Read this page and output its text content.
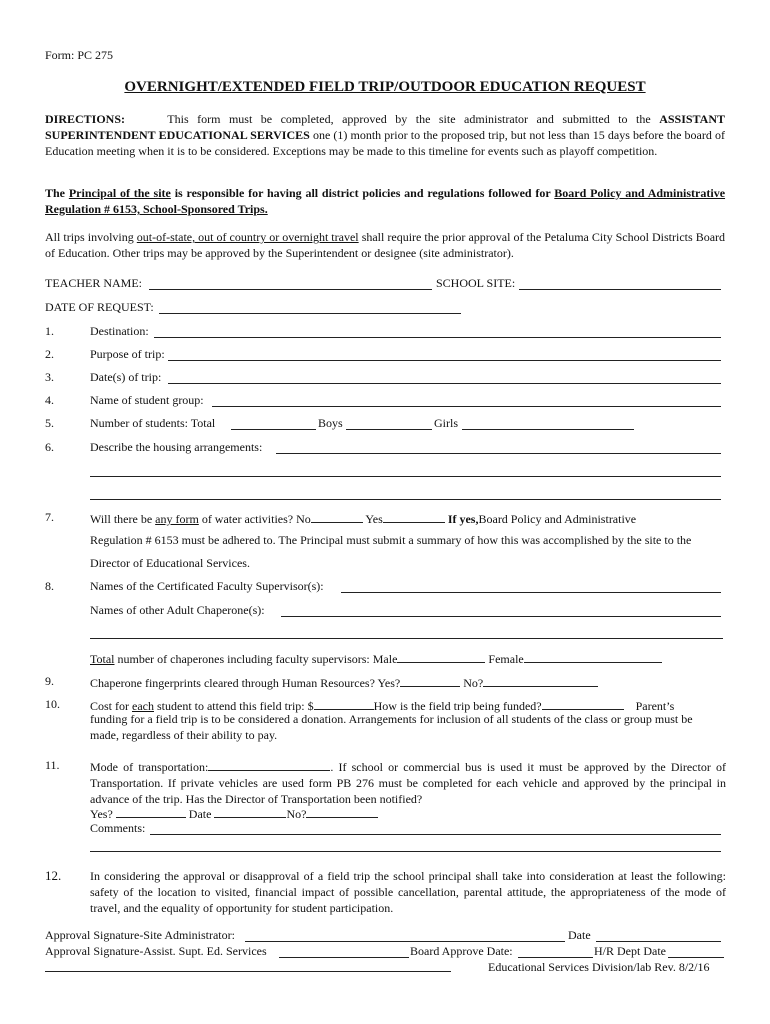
Form: PC 275
OVERNIGHT/EXTENDED FIELD TRIP/OUTDOOR EDUCATION REQUEST
DIRECTIONS:	This form must be completed, approved by the site administrator and submitted to the ASSISTANT SUPERINTENDENT EDUCATIONAL SERVICES one (1) month prior to the proposed trip, but not less than 15 days before the board of Education meeting when it is to be considered. Exceptions may be made to this timeline for events such as playoff competition.
The Principal of the site is responsible for having all district policies and regulations followed for Board Policy and Administrative Regulation # 6153, School-Sponsored Trips.
All trips involving out-of-state, out of country or overnight travel shall require the prior approval of the Petaluma City School Districts Board of Education. Other trips may be approved by the Superintendent or designee (site administrator).
TEACHER NAME:	SCHOOL SITE:
DATE OF REQUEST:
1.	Destination:
2.	Purpose of trip:
3.	Date(s) of trip:
4.	Name of student group:
5.	Number of students: Total	Boys	Girls
6.	Describe the housing arrangements:
7.	Will there be any form of water activities? No	Yes	If yes,Board Policy and Administrative
Regulation # 6153 must be adhered to. The Principal must submit a summary of how this was accomplished by the site to the
Director of Educational Services.
8.	Names of the Certificated Faculty Supervisor(s):
Names of other Adult Chaperone(s):
Total number of chaperones including faculty supervisors: Male	Female
9.	Chaperone fingerprints cleared through Human Resources? Yes?	No?
10.	Cost for each student to attend this field trip: $	How is the field trip being funded?	Parent’s
funding for a field trip is to be considered a donation. Arrangements for inclusion of all students of the class or group must be made, regardless of their ability to pay.
11.	Mode of transportation:	. If school or commercial bus is used it must be approved by the Director of Transportation. If private vehicles are used form PB 276 must be completed for each vehicle and approved by the principal in advance of the trip. Has the Director of Transportation been notified?
Yes?	Date	No?
Comments:
12. In considering the approval or disapproval of a field trip the school principal shall take into consideration at least the following: safety of the location to visited, financial impact of possible cancellation, parental attitude, the appropriateness of the mode of travel, and the equality of opportunity for student participation.
Approval Signature-Site Administrator:	Date
Approval Signature-Assist. Supt. Ed. Services	Board Approve Date:	H/R Dept Date
Educational Services Division/lab Rev. 8/2/16
